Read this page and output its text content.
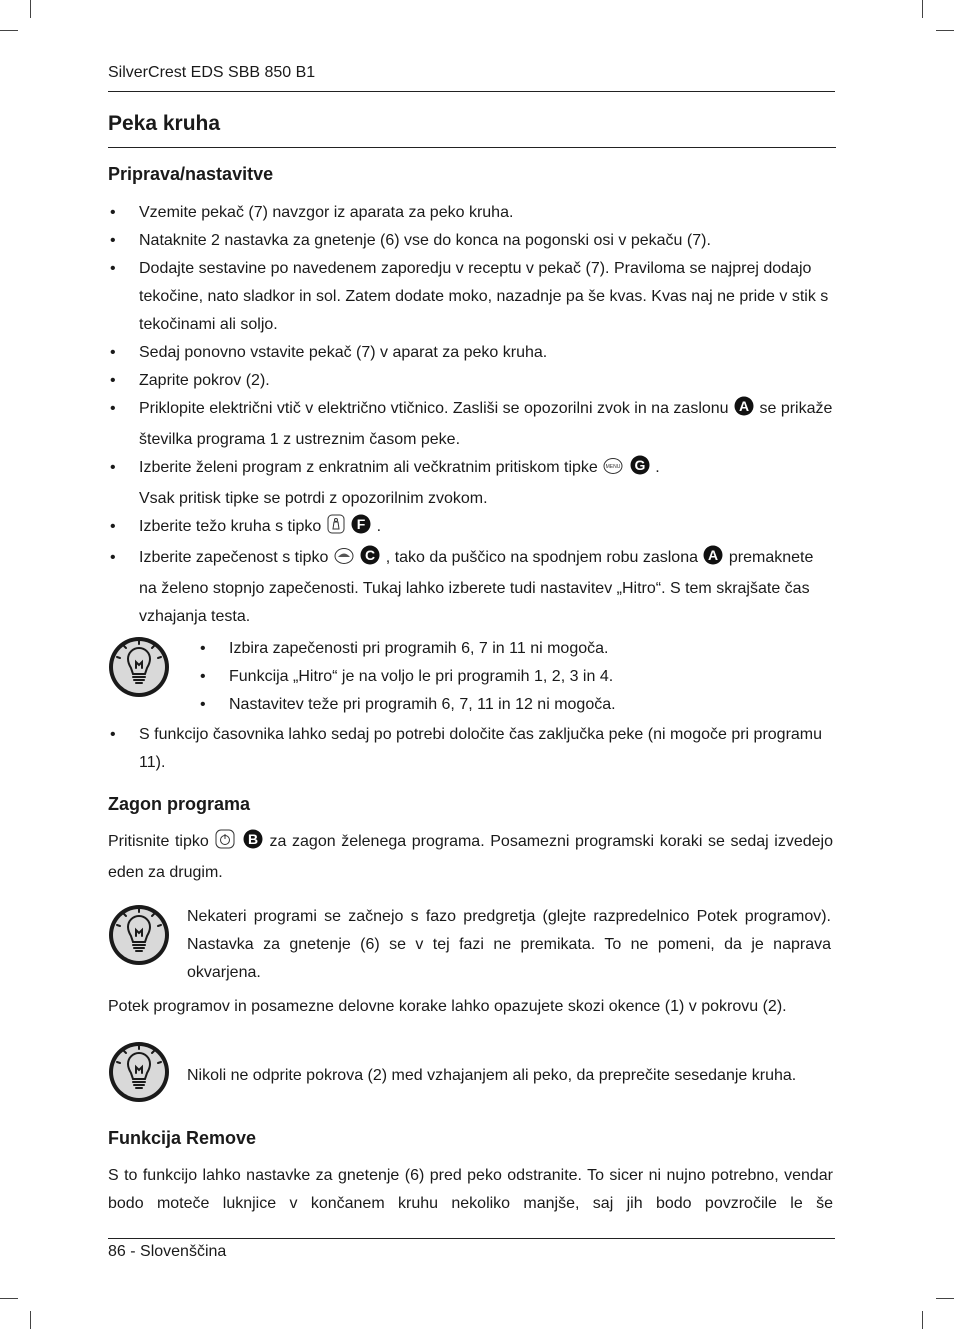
SilverCrest EDS SBB 850 B1
Peka kruha
Priprava/nastavitve
• Vzemite pekač (7) navzgor iz aparata za peko kruha.
• Nataknite 2 nastavka za gnetenje (6) vse do konca na pogonski osi v pekaču (7).
• Dodajte sestavine po navedenem zaporedju v receptu v pekač (7). Praviloma se najprej dodajo tekočine, nato sladkor in sol. Zatem dodate moko, nazadnje pa še kvas. Kvas naj ne pride v stik s tekočinami ali soljo.
• Sedaj ponovno vstavite pekač (7) v aparat za peko kruha.
• Zaprite pokrov (2).
• Priklopite električni vtič v električno vtičnico. Zasliši se opozorilni zvok in na zaslonu A se prikaže številka programa 1 z ustreznim časom peke.
• Izberite želeni program z enkratnim ali večkratnim pritiskom tipke MENU
G .
Vsak pritisk tipke se potrdi z opozorilnim zvokom.
• Izberite težo kruha s tipko	F .
• Izberite zapečenost s tipko	C , tako da puščico na spodnjem robu zaslona A premaknete na želeno stopnjo zapečenosti. Tukaj lahko izberete tudi nastavitev „Hitro“. S tem skrajšate čas vzhajanja testa.
• Izbira zapečenosti pri programih 6, 7 in 11 ni mogoča.
• Funkcija „Hitro“ je na voljo le pri programih 1, 2, 3 in 4.
• Nastavitev teže pri programih 6, 7, 11 in 12 ni mogoča.
• S funkcijo časovnika lahko sedaj po potrebi določite čas zaključka peke (ni mogoče pri programu 11).
Zagon programa

Pritisnite tipko	B za zagon želenega programa. Posamezni programski koraki se sedaj izvedejo eden za drugim.

Nekateri programi se začnejo s fazo predgretja (glejte razpredelnico Potek programov). Nastavka za gnetenje (6) se v tej fazi ne premikata. To ne pomeni, da je naprava okvarjena.

Potek programov in posamezne delovne korake lahko opazujete skozi okence (1) v pokrovu (2).

Nikoli ne odprite pokrova (2) med vzhajanjem ali peko, da preprečite sesedanje kruha.

Funkcija Remove

S to funkcijo lahko nastavke za gnetenje (6) pred peko odstranite. To sicer ni nujno potrebno, vendar bodo moteče luknjice v končanem kruhu nekoliko manjše, saj jih bodo povzročile le še

86 - Slovenščina
